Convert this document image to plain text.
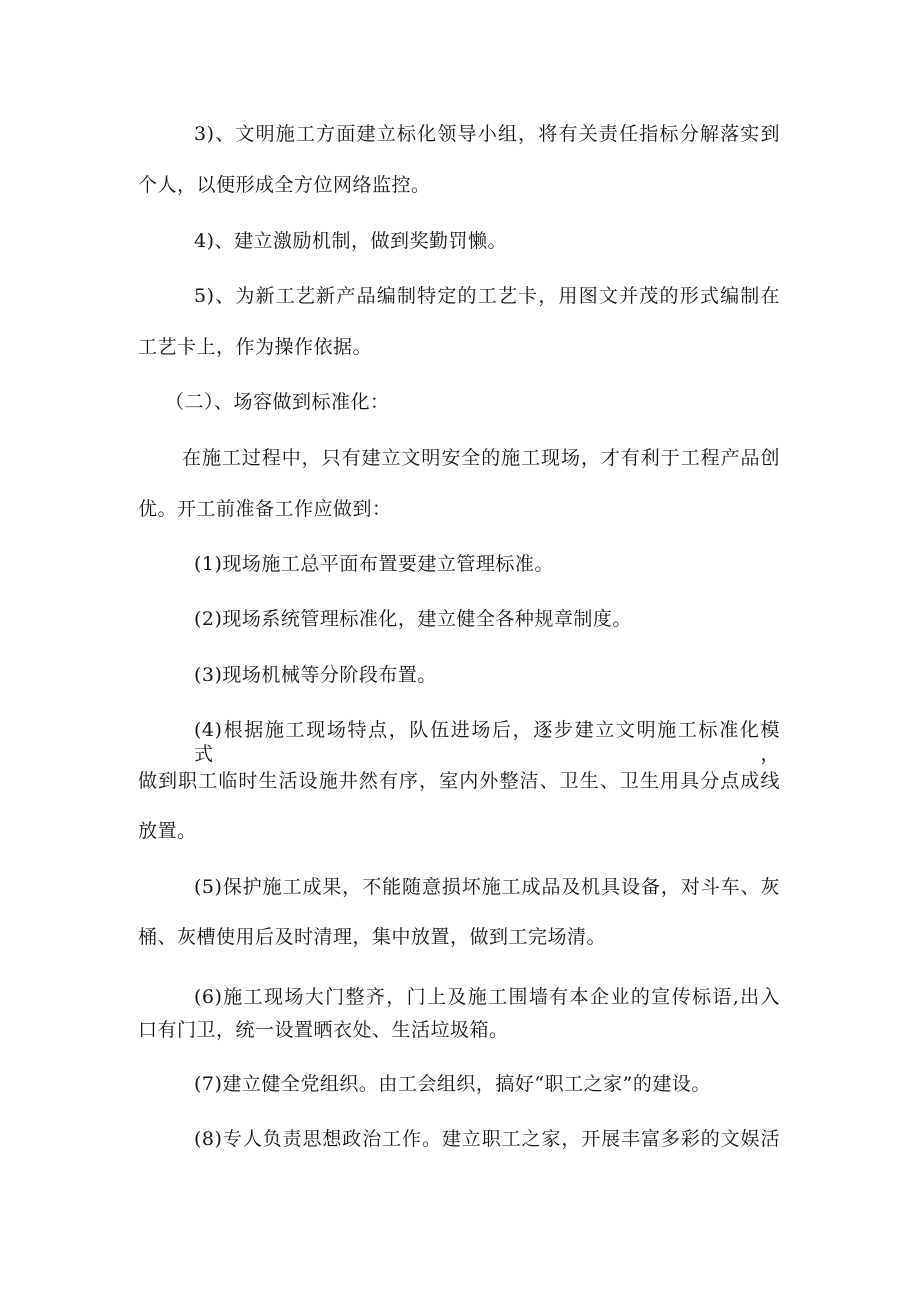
3)、文明施工方面建立标化领导小组，将有关责任指标分解落实到
个人，以便形成全方位网络监控。
4)、建立激励机制，做到奖勤罚懒。
5)、为新工艺新产品编制特定的工艺卡，用图文并茂的形式编制在
工艺卡上，作为操作依据。
（二）、场容做到标准化：
在施工过程中，只有建立文明安全的施工现场，才有利于工程产品创
优。开工前准备工作应做到：
(1)现场施工总平面布置要建立管理标准。
(2)现场系统管理标准化，建立健全各种规章制度。
(3)现场机械等分阶段布置。
(4)根据施工现场特点，队伍进场后，逐步建立文明施工标准化模式，
做到职工临时生活设施井然有序，室内外整洁、卫生、卫生用具分点成线
放置。
(5)保护施工成果，不能随意损坏施工成品及机具设备，对斗车、灰
桶、灰槽使用后及时清理，集中放置，做到工完场清。
(6)施工现场大门整齐，门上及施工围墙有本企业的宣传标语,出入
口有门卫，统一设置晒衣处、生活垃圾箱。
(7)建立健全党组织。由工会组织，搞好“职工之家”的建设。
(8)专人负责思想政治工作。建立职工之家，开展丰富多彩的文娱活
